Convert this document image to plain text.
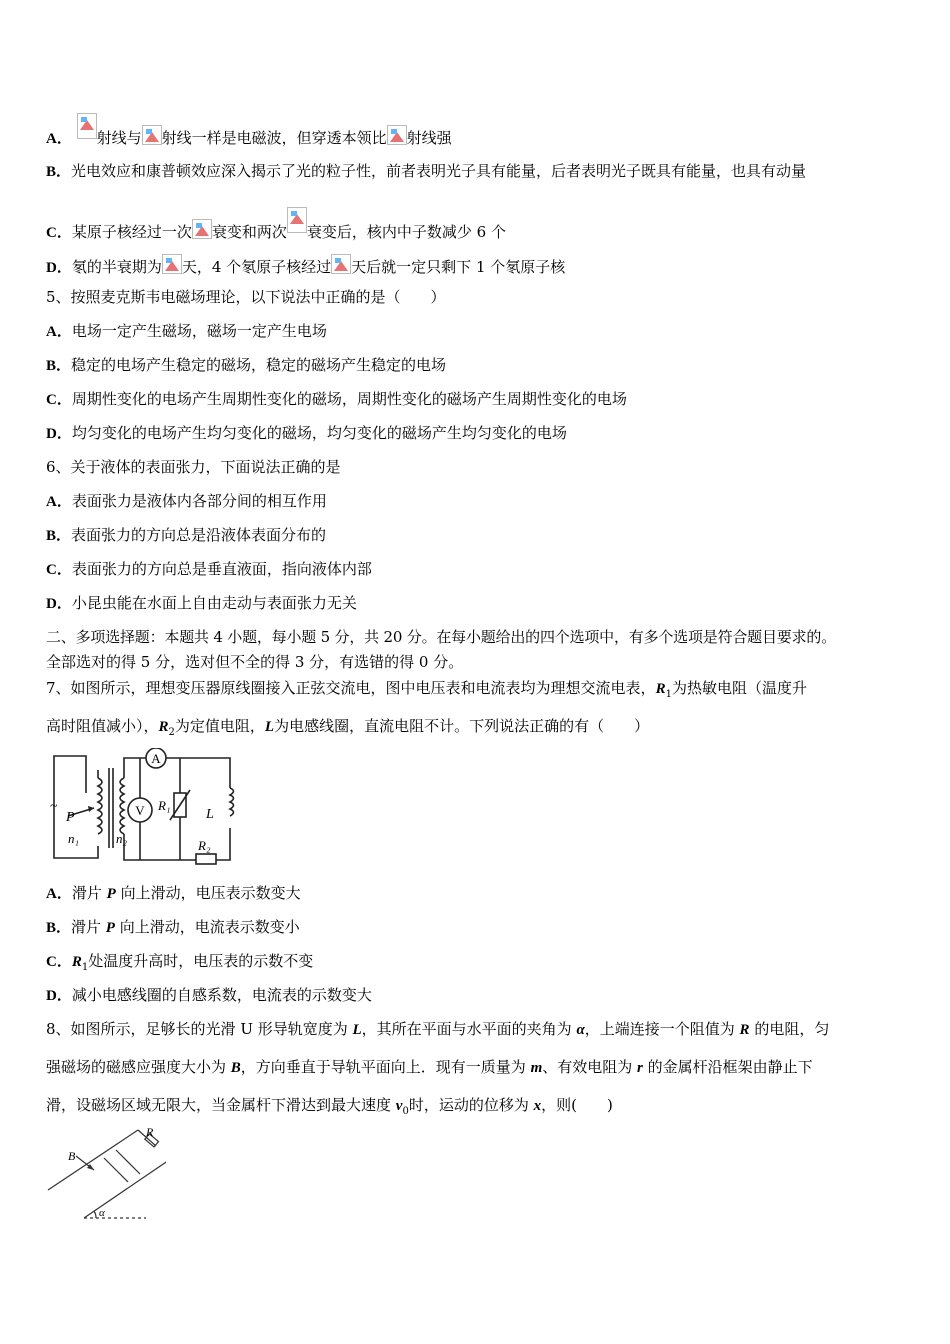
A． 射线与 射线一样是电磁波，但穿透本领比 射线强
B．光电效应和康普顿效应深入揭示了光的粒子性，前者表明光子具有能量，后者表明光子既具有能量，也具有动量
C．某原子核经过一次 衰变和两次 衰变后，核内中子数减少 6 个
D．氡的半衰期为 天，4 个氡原子核经过 天后就一定只剩下 1 个氡原子核
5、按照麦克斯韦电磁场理论，以下说法中正确的是（　　）
A．电场一定产生磁场，磁场一定产生电场
B．稳定的电场产生稳定的磁场，稳定的磁场产生稳定的电场
C．周期性变化的电场产生周期性变化的磁场，周期性变化的磁场产生周期性变化的电场
D．均匀变化的电场产生均匀变化的磁场，均匀变化的磁场产生均匀变化的电场
6、关于液体的表面张力，下面说法正确的是
A．表面张力是液体内各部分间的相互作用
B．表面张力的方向总是沿液体表面分布的
C．表面张力的方向总是垂直液面，指向液体内部
D．小昆虫能在水面上自由走动与表面张力无关
二、多项选择题：本题共 4 小题，每小题 5 分，共 20 分。在每小题给出的四个选项中，有多个选项是符合题目要求的。
全部选对的得 5 分，选对但不全的得 3 分，有选错的得 0 分。
7、如图所示，理想变压器原线圈接入正弦交流电，图中电压表和电流表均为理想交流电表，$R_1$为热敏电阻（温度升
高时阻值减小），$R_2$为定值电阻，L为电感线圈，直流电阻不计。下列说法正确的有（　　）
A
V R₁
L
R₂
P
n₁	n₂
~
A．滑片 P 向上滑动，电压表示数变大
B．滑片 P 向上滑动，电流表示数变小
C．$R_1$处温度升高时，电压表的示数不变
D．减小电感线圈的自感系数，电流表的示数变大
8、如图所示，足够长的光滑 U 形导轨宽度为 L，其所在平面与水平面的夹角为 α，上端连接一个阻值为 R 的电阻，匀
强磁场的磁感应强度大小为 B，方向垂直于导轨平面向上．现有一质量为 m、有效电阻为 r 的金属杆沿框架由静止下
滑，设磁场区域无限大，当金属杆下滑达到最大速度 $v_0$时，运动的位移为 x，则(　　)
B
R
α
